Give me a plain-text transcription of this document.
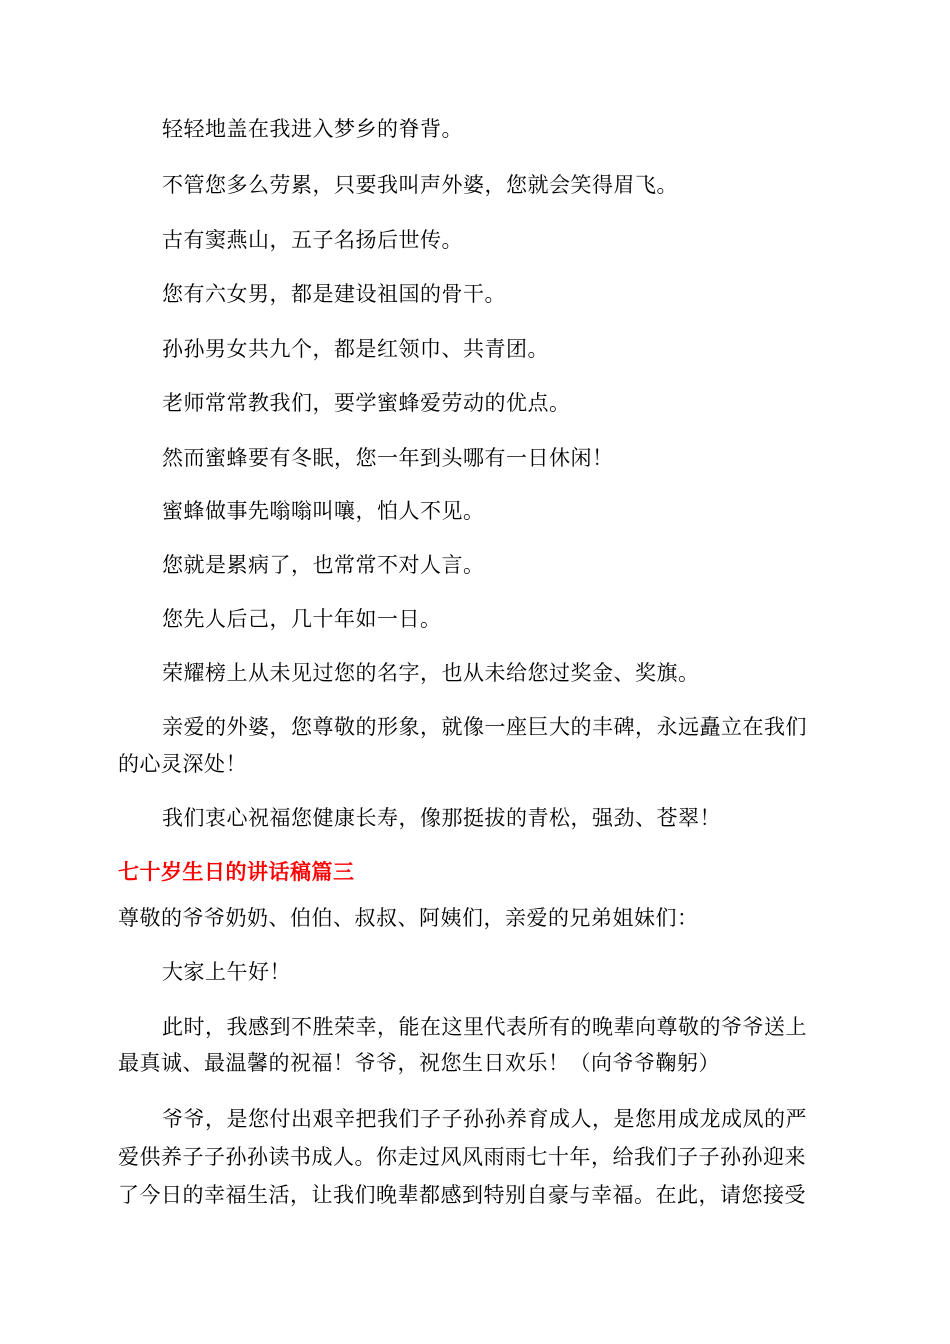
轻轻地盖在我进入梦乡的脊背。
不管您多么劳累，只要我叫声外婆，您就会笑得眉飞。
古有窦燕山，五子名扬后世传。
您有六女男，都是建设祖国的骨干。
孙孙男女共九个，都是红领巾、共青团。
老师常常教我们，要学蜜蜂爱劳动的优点。
然而蜜蜂要有冬眠，您一年到头哪有一日休闲！
蜜蜂做事先嗡嗡叫嚷，怕人不见。
您就是累病了，也常常不对人言。
您先人后己，几十年如一日。
荣耀榜上从未见过您的名字，也从未给您过奖金、奖旗。
亲爱的外婆，您尊敬的形象，就像一座巨大的丰碑，永远矗立在我们
的心灵深处！
我们衷心祝福您健康长寿，像那挺拔的青松，强劲、苍翠！
七十岁生日的讲话稿篇三
尊敬的爷爷奶奶、伯伯、叔叔、阿姨们，亲爱的兄弟姐妹们：
大家上午好！
此时，我感到不胜荣幸，能在这里代表所有的晚辈向尊敬的爷爷送上
最真诚、最温馨的祝福！爷爷，祝您生日欢乐！（向爷爷鞠躬）
爷爷，是您付出艰辛把我们子子孙孙养育成人，是您用成龙成凤的严
爱供养子子孙孙读书成人。你走过风风雨雨七十年，给我们子子孙孙迎来
了今日的幸福生活，让我们晚辈都感到特别自豪与幸福。在此，请您接受
